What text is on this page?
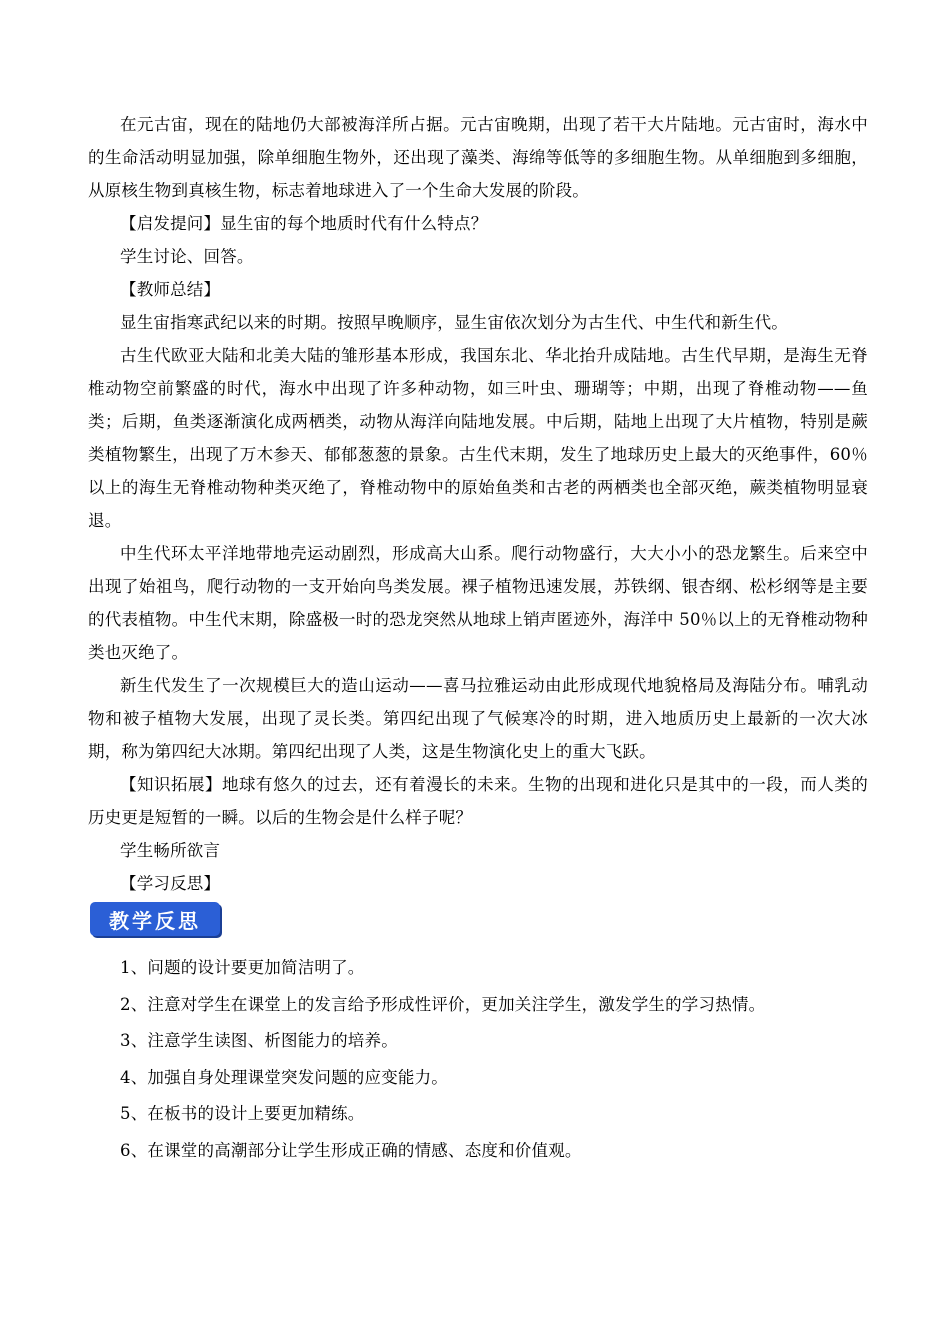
在元古宙，现在的陆地仍大部被海洋所占据。元古宙晚期，出现了若干大片陆地。元古宙时，海水中的生命活动明显加强，除单细胞生物外，还出现了藻类、海绵等低等的多细胞生物。从单细胞到多细胞，从原核生物到真核生物，标志着地球进入了一个生命大发展的阶段。

【启发提问】显生宙的每个地质时代有什么特点？

学生讨论、回答。

【教师总结】

显生宙指寒武纪以来的时期。按照早晚顺序，显生宙依次划分为古生代、中生代和新生代。

古生代欧亚大陆和北美大陆的雏形基本形成，我国东北、华北抬升成陆地。古生代早期，是海生无脊椎动物空前繁盛的时代，海水中出现了许多种动物，如三叶虫、珊瑚等；中期，出现了脊椎动物——鱼类；后期，鱼类逐渐演化成两栖类，动物从海洋向陆地发展。中后期，陆地上出现了大片植物，特别是蕨类植物繁生，出现了万木参天、郁郁葱葱的景象。古生代末期，发生了地球历史上最大的灭绝事件，60％以上的海生无脊椎动物种类灭绝了，脊椎动物中的原始鱼类和古老的两栖类也全部灭绝，蕨类植物明显衰退。

中生代环太平洋地带地壳运动剧烈，形成高大山系。爬行动物盛行，大大小小的恐龙繁生。后来空中出现了始祖鸟，爬行动物的一支开始向鸟类发展。裸子植物迅速发展，苏铁纲、银杏纲、松杉纲等是主要的代表植物。中生代末期，除盛极一时的恐龙突然从地球上销声匿迹外，海洋中 50％以上的无脊椎动物种类也灭绝了。

新生代发生了一次规模巨大的造山运动——喜马拉雅运动由此形成现代地貌格局及海陆分布。哺乳动物和被子植物大发展，出现了灵长类。第四纪出现了气候寒冷的时期，进入地质历史上最新的一次大冰期，称为第四纪大冰期。第四纪出现了人类，这是生物演化史上的重大飞跃。

【知识拓展】地球有悠久的过去，还有着漫长的未来。生物的出现和进化只是其中的一段，而人类的历史更是短暂的一瞬。以后的生物会是什么样子呢？

学生畅所欲言

【学习反思】

教学反思

1、问题的设计要更加简洁明了。

2、注意对学生在课堂上的发言给予形成性评价，更加关注学生，激发学生的学习热情。

3、注意学生读图、析图能力的培养。

4、加强自身处理课堂突发问题的应变能力。

5、在板书的设计上要更加精练。

6、在课堂的高潮部分让学生形成正确的情感、态度和价值观。
